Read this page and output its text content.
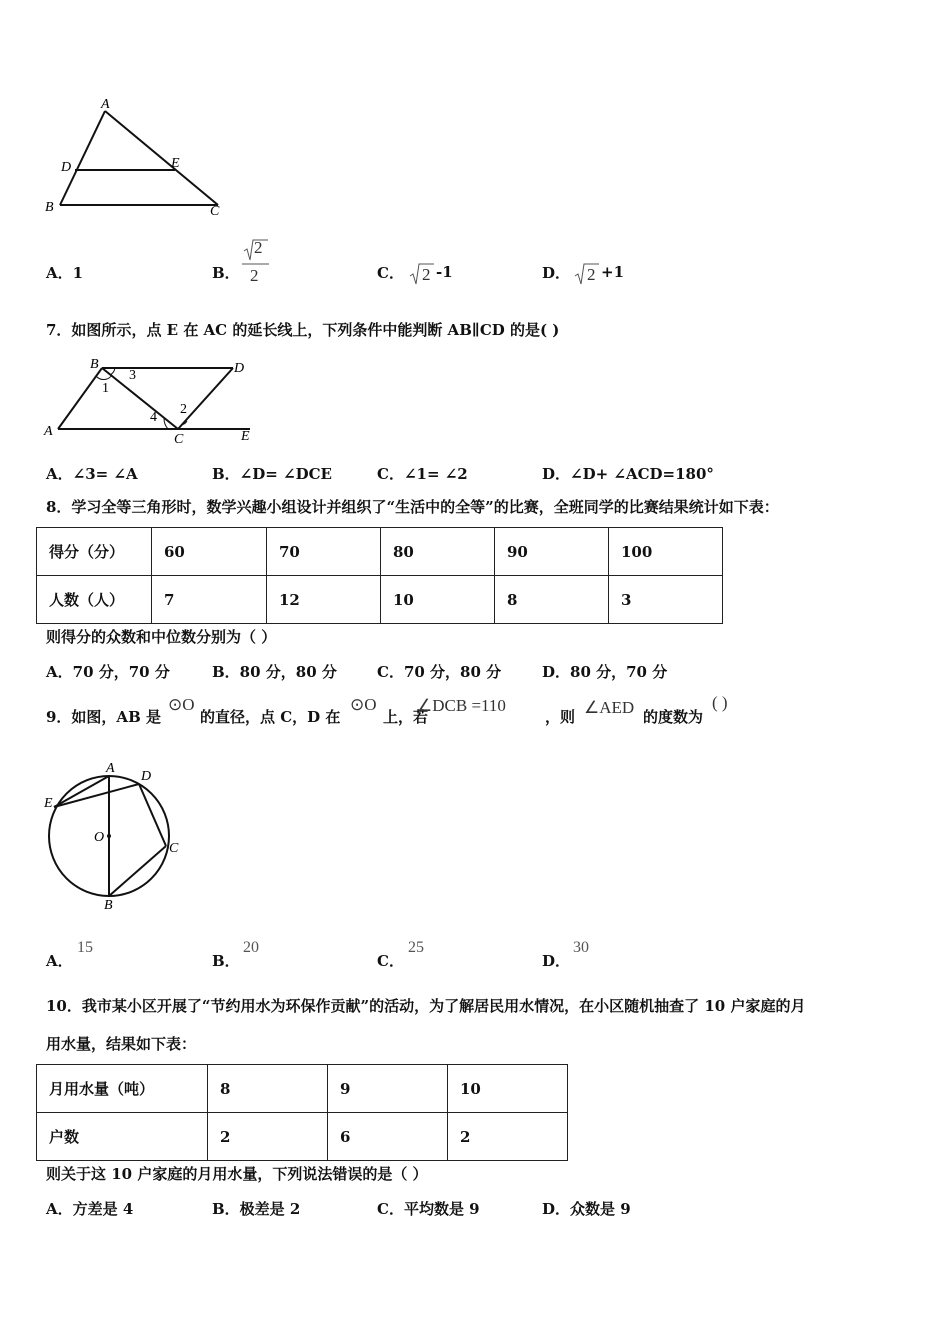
A
D	E
B	C
A．1	B．
2
2	C． 2 -1	D． 2 +1
7．如图所示，点 E 在 AC 的延长线上，下列条件中能判断 AB∥CD 的是( )
B	D
A
C	E
1
3
4
2
A．∠3= ∠A	B．∠D= ∠DCE	C．∠1= ∠2	D．∠D+ ∠ACD=180°
8．学习全等三角形时，数学兴趣小组设计并组织了“生活中的全等”的比赛，全班同学的比赛结果统计如下表：
得分（分）	60	70	80	90	100
人数（人）	7	12	10	8	3
则得分的众数和中位数分别为（ ）
A．70 分，70 分	B．80 分，80 分	C．70 分，80 分	D．80 分，70 分
9．如图，AB 是
⊙O
的直径，点 C，D 在
⊙O
上，若
∠DCB =110
，则 ∠AED 的度数为
( )
A
D
E
O
C
B
A．
15
B．
20
C．
25
D．
30
10．我市某小区开展了“节约用水为环保作贡献”的活动，为了解居民用水情况，在小区随机抽查了 10 户家庭的月
用水量，结果如下表：
月用水量（吨）	8	9	10
户数	2	6	2
则关于这 10 户家庭的月用水量，下列说法错误的是（ ）
A．方差是 4	B．极差是 2	C．平均数是 9	D．众数是 9
